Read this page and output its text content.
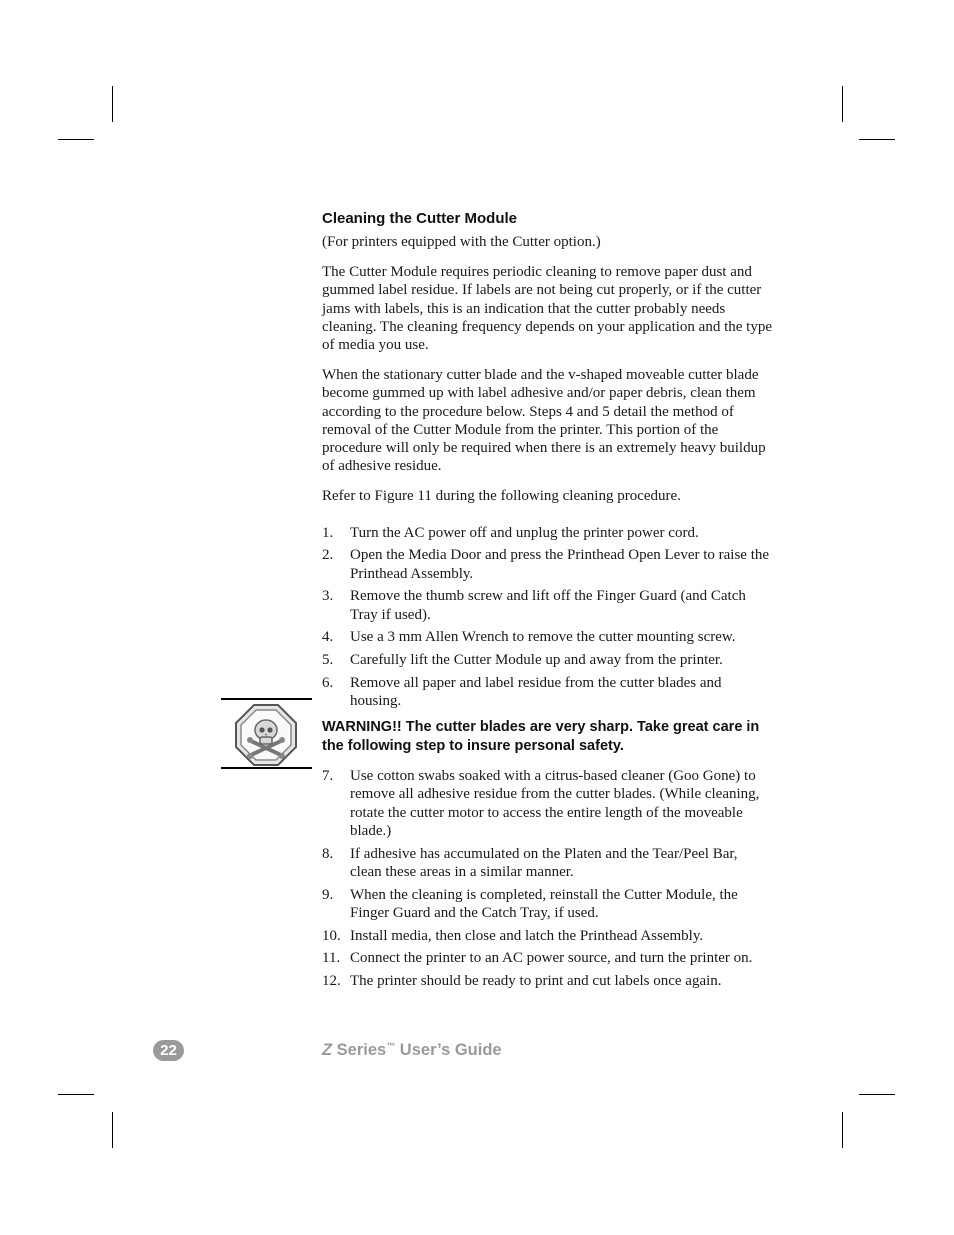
Cleaning the Cutter Module

(For printers equipped with the Cutter option.)

The Cutter Module requires periodic cleaning to remove paper dust and gummed label residue. If labels are not being cut properly, or if the cutter jams with labels, this is an indication that the cutter probably needs cleaning. The cleaning frequency depends on your application and the type of media you use.

When the stationary cutter blade and the v-shaped moveable cutter blade become gummed up with label adhesive and/or paper debris, clean them according to the procedure below. Steps 4 and 5 detail the method of removal of the Cutter Module from the printer. This portion of the procedure will only be required when there is an extremely heavy buildup of adhesive residue.

Refer to Figure 11 during the following cleaning procedure.

1. Turn the AC power off and unplug the printer power cord.
2. Open the Media Door and press the Printhead Open Lever to raise the Printhead Assembly.
3. Remove the thumb screw and lift off the Finger Guard (and Catch Tray if used).
4. Use a 3 mm Allen Wrench to remove the cutter mounting screw.
5. Carefully lift the Cutter Module up and away from the printer.
6. Remove all paper and label residue from the cutter blades and housing.

WARNING!! The cutter blades are very sharp. Take great care in the following step to insure personal safety.

7. Use cotton swabs soaked with a citrus-based cleaner (Goo Gone) to remove all adhesive residue from the cutter blades. (While cleaning, rotate the cutter motor to access the entire length of the moveable blade.)
8. If adhesive has accumulated on the Platen and the Tear/Peel Bar, clean these areas in a similar manner.
9. When the cleaning is completed, reinstall the Cutter Module, the Finger Guard and the Catch Tray, if used.
10. Install media, then close and latch the Printhead Assembly.
11. Connect the printer to an AC power source, and turn the printer on.
12. The printer should be ready to print and cut labels once again.
22	Z Series™ User’s Guide
